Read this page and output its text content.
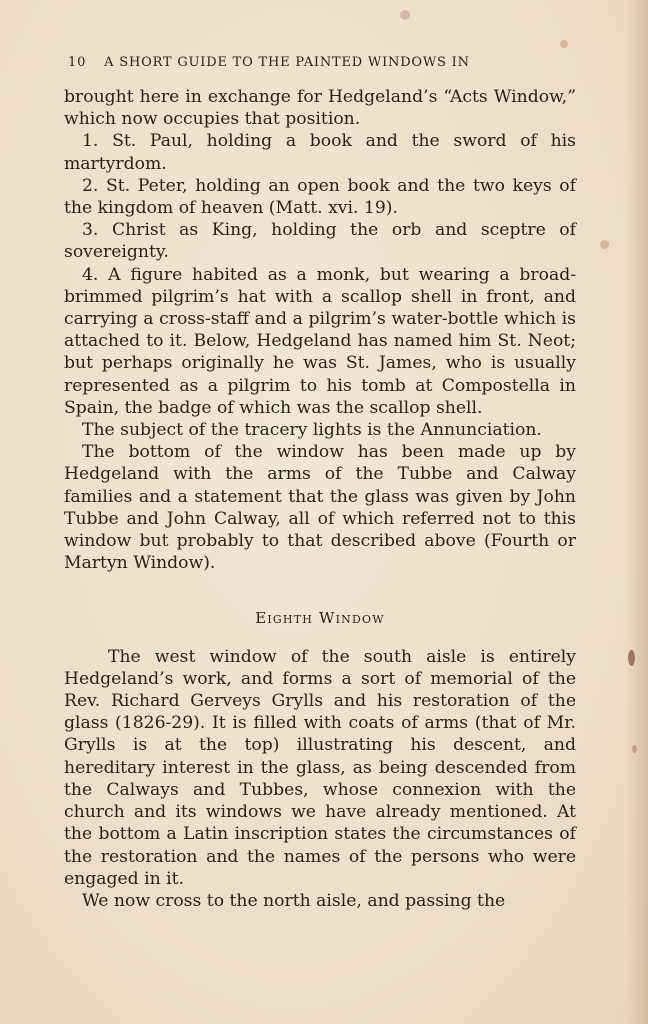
10 A SHORT GUIDE TO THE PAINTED WINDOWS IN

brought here in exchange for Hedgeland’s “Acts Window,” which now occupies that position.

1. St. Paul, holding a book and the sword of his martyrdom.

2. St. Peter, holding an open book and the two keys of the kingdom of heaven (Matt. xvi. 19).

3. Christ as King, holding the orb and sceptre of sovereignty.

4. A figure habited as a monk, but wearing a broad-brimmed pilgrim’s hat with a scallop shell in front, and carrying a cross-staff and a pilgrim’s water-bottle which is attached to it. Below, Hedgeland has named him St. Neot; but perhaps originally he was St. James, who is usually represented as a pilgrim to his tomb at Compostella in Spain, the badge of which was the scallop shell.

The subject of the tracery lights is the Annunciation.

The bottom of the window has been made up by Hedgeland with the arms of the Tubbe and Calway families and a statement that the glass was given by John Tubbe and John Calway, all of which referred not to this window but probably to that described above (Fourth or Martyn Window).

Eighth Window

The west window of the south aisle is entirely Hedgeland’s work, and forms a sort of memorial of the Rev. Richard Gerveys Grylls and his restoration of the glass (1826-29). It is filled with coats of arms (that of Mr. Grylls is at the top) illustrating his descent, and hereditary interest in the glass, as being descended from the Calways and Tubbes, whose connexion with the church and its windows we have already mentioned. At the bottom a Latin inscription states the circumstances of the restoration and the names of the persons who were engaged in it.

We now cross to the north aisle, and passing the
